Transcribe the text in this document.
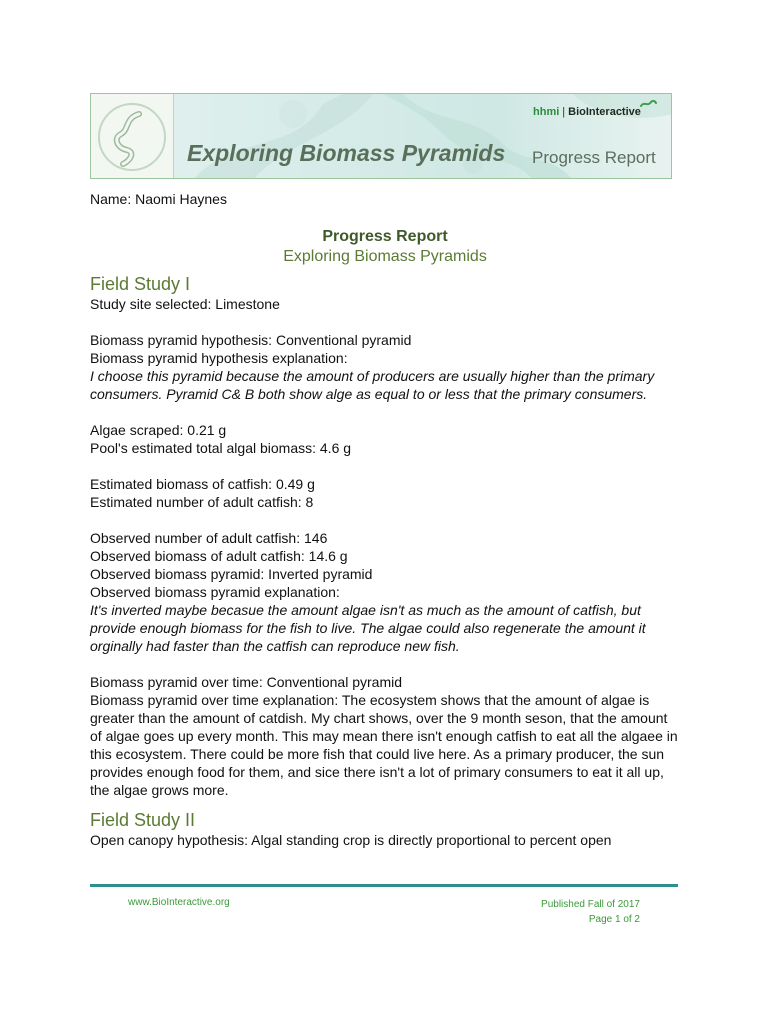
hhmi | BioInteractive
Exploring Biomass Pyramids Progress Report

Name: Naomi Haynes

Progress Report

Exploring Biomass Pyramids

Field Study I

Study site selected: Limestone

Biomass pyramid hypothesis: Conventional pyramid

Biomass pyramid hypothesis explanation:

I choose this pyramid because the amount of producers are usually higher than the primary consumers. Pyramid C& B both show alge as equal to or less that the primary consumers.

Algae scraped: 0.21 g

Pool's estimated total algal biomass: 4.6 g

Estimated biomass of catfish: 0.49 g

Estimated number of adult catfish: 8

Observed number of adult catfish: 146

Observed biomass of adult catfish: 14.6 g

Observed biomass pyramid: Inverted pyramid

Observed biomass pyramid explanation:

It's inverted maybe becasue the amount algae isn't as much as the amount of catfish, but provide enough biomass for the fish to live. The algae could also regenerate the amount it orginally had faster than the catfish can reproduce new fish.

Biomass pyramid over time: Conventional pyramid

Biomass pyramid over time explanation: The ecosystem shows that the amount of algae is greater than the amount of catdish. My chart shows, over the 9 month seson, that the amount of algae goes up every month. This may mean there isn't enough catfish to eat all the algaee in this ecosystem. There could be more fish that could live here. As a primary producer, the sun provides enough food for them, and sice there isn't a lot of primary consumers to eat it all up, the algae grows more.

Field Study II

Open canopy hypothesis: Algal standing crop is directly proportional to percent open

www.BioInteractive.org	Published Fall of 2017
Page 1 of 2
